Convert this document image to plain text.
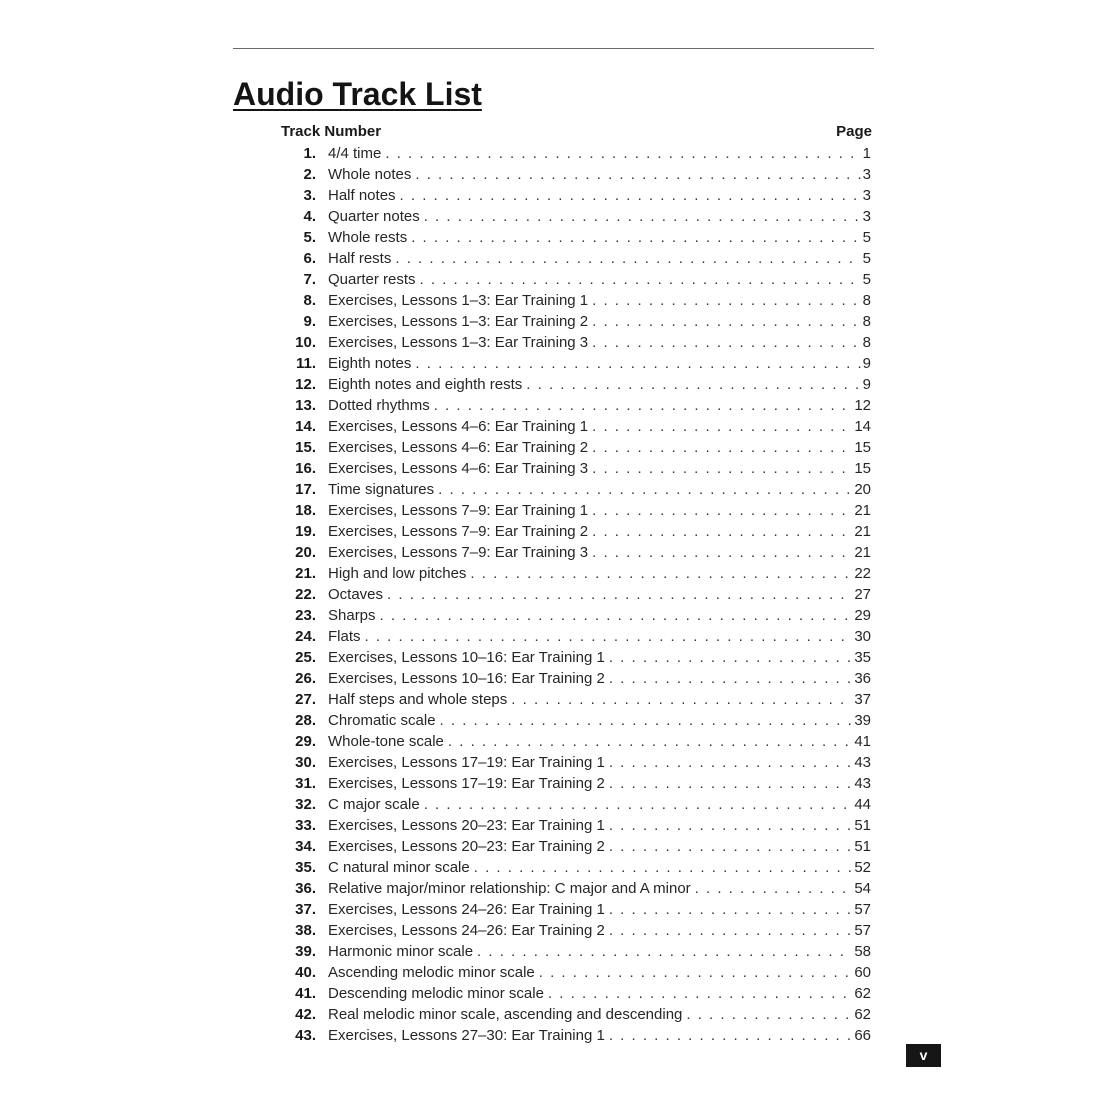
Audio Track List
Track Number	Page
1. 4/4 time . . .	1
2. Whole notes . . .	3
3. Half notes . . .	3
4. Quarter notes . . .	3
5. Whole rests . . .	5
6. Half rests . . .	5
7. Quarter rests . . .	5
8. Exercises, Lessons 1–3: Ear Training 1 . . .	8
9. Exercises, Lessons 1–3: Ear Training 2 . . .	8
10. Exercises, Lessons 1–3: Ear Training 3 . . .	8
11. Eighth notes . . .	9
12. Eighth notes and eighth rests . . .	9
13. Dotted rhythms . . .	12
14. Exercises, Lessons 4–6: Ear Training 1 . . .	14
15. Exercises, Lessons 4–6: Ear Training 2 . . .	15
16. Exercises, Lessons 4–6: Ear Training 3 . . .	15
17. Time signatures . . .	20
18. Exercises, Lessons 7–9: Ear Training 1 . . .	21
19. Exercises, Lessons 7–9: Ear Training 2 . . .	21
20. Exercises, Lessons 7–9: Ear Training 3 . . .	21
21. High and low pitches . . .	22
22. Octaves . . .	27
23. Sharps . . .	29
24. Flats . . .	30
25. Exercises, Lessons 10–16: Ear Training 1 . . .	35
26. Exercises, Lessons 10–16: Ear Training 2 . . .	36
27. Half steps and whole steps . . .	37
28. Chromatic scale . . .	39
29. Whole-tone scale . . .	41
30. Exercises, Lessons 17–19: Ear Training 1 . . .	43
31. Exercises, Lessons 17–19: Ear Training 2 . . .	43
32. C major scale . . .	44
33. Exercises, Lessons 20–23: Ear Training 1 . . .	51
34. Exercises, Lessons 20–23: Ear Training 2 . . .	51
35. C natural minor scale . . .	52
36. Relative major/minor relationship: C major and A minor . . .	54
37. Exercises, Lessons 24–26: Ear Training 1 . . .	57
38. Exercises, Lessons 24–26: Ear Training 2 . . .	57
39. Harmonic minor scale . . .	58
40. Ascending melodic minor scale . . .	60
41. Descending melodic minor scale . . .	62
42. Real melodic minor scale, ascending and descending . . .	62
43. Exercises, Lessons 27–30: Ear Training 1 . . .	66
v
